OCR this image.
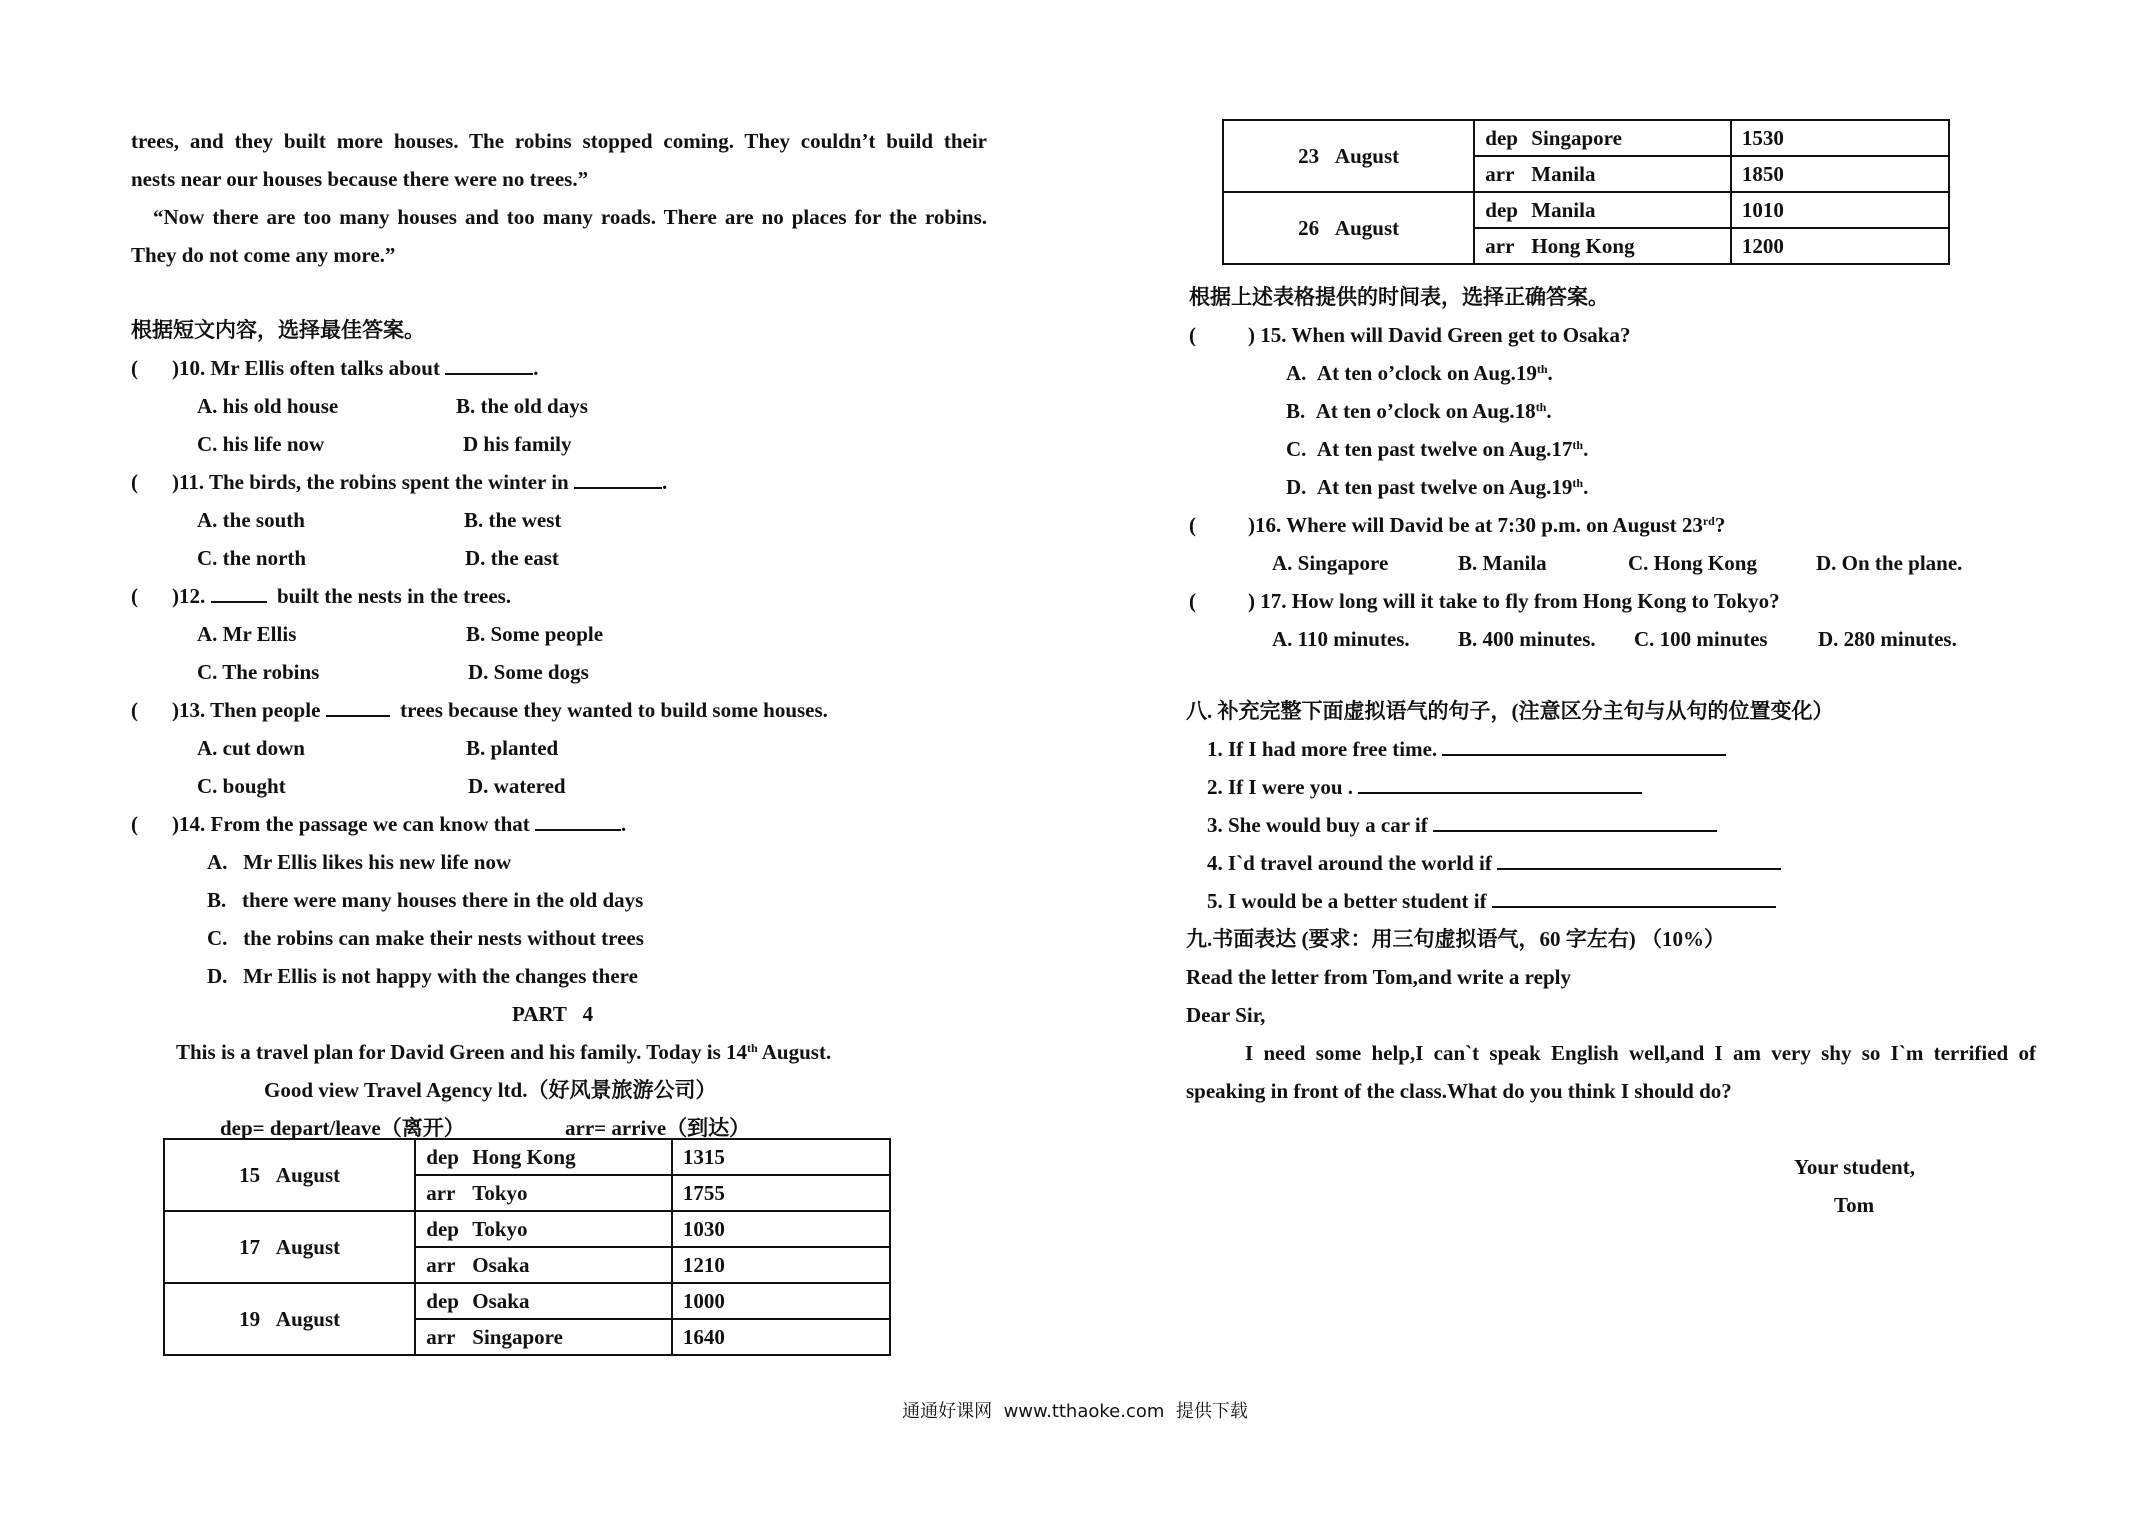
trees, and they built more houses. The robins stopped coming. They couldn’t build their
nests near our houses because there were no trees.”
“Now there are too many houses and too many roads. There are no places for the robins.
They do not come any more.”
根据短文内容，选择最佳答案。
( )10. Mr Ellis often talks about	.
A. his old house	B. the old days
C. his life now	D his family
( )11. The birds, the robins spent the winter in	.
A. the south	B. the west
C. the north	D. the east
( )12.	built the nests in the trees.
A. Mr Ellis	B. Some people
C. The robins	D. Some dogs
( )13. Then people	trees because they wanted to build some houses.
A. cut down	B. planted
C. bought	D. watered
( )14. From the passage we can know that	.
A.  Mr Ellis likes his new life now
B.  there were many houses there in the old days
C.  the robins can make their nests without trees
D.  Mr Ellis is not happy with the changes there
PART   4
This is a travel plan for David Green and his family. Today is 14th August.
Good view Travel Agency ltd.（好风景旅游公司）
dep= depart/leave（离开）	arr= arrive（到达）
15   August	dep Hong Kong	1315
	arr Tokyo	1755
17   August	dep Tokyo	1030
	arr Osaka	1210
19   August	dep Osaka	1000
	arr Singapore	1640
23   August	dep Singapore	1530
	arr Manila	1850
26   August	dep Manila	1010
	arr Hong Kong	1200
根据上述表格提供的时间表，选择正确答案。
( ) 15. When will David Green get to Osaka?
A. At ten o’clock on Aug.19th.
B. At ten o’clock on Aug.18th.
C. At ten past twelve on Aug.17th.
D. At ten past twelve on Aug.19th.
( )16. Where will David be at 7:30 p.m. on August 23rd?
A. Singapore	B. Manila	C. Hong Kong	D. On the plane.
( ) 17. How long will it take to fly from Hong Kong to Tokyo?
A. 110 minutes. B. 400 minutes. C. 100 minutes D. 280 minutes.
八. 补充完整下面虚拟语气的句子，(注意区分主句与从句的位置变化）
1. If I had more free time.
2. If I were you .
3. She would buy a car if
4. I`d travel around the world if
5. I would be a better student if
九.书面表达 (要求：用三句虚拟语气，60 字左右) （10%）
Read the letter from Tom,and write a reply
Dear Sir,
I need some help,I can`t speak English well,and I am very shy so I`m terrified of
speaking in front of the class.What do you think I should do?
Your student,
Tom
通通好课网  www.tthaoke.com  提供下载
